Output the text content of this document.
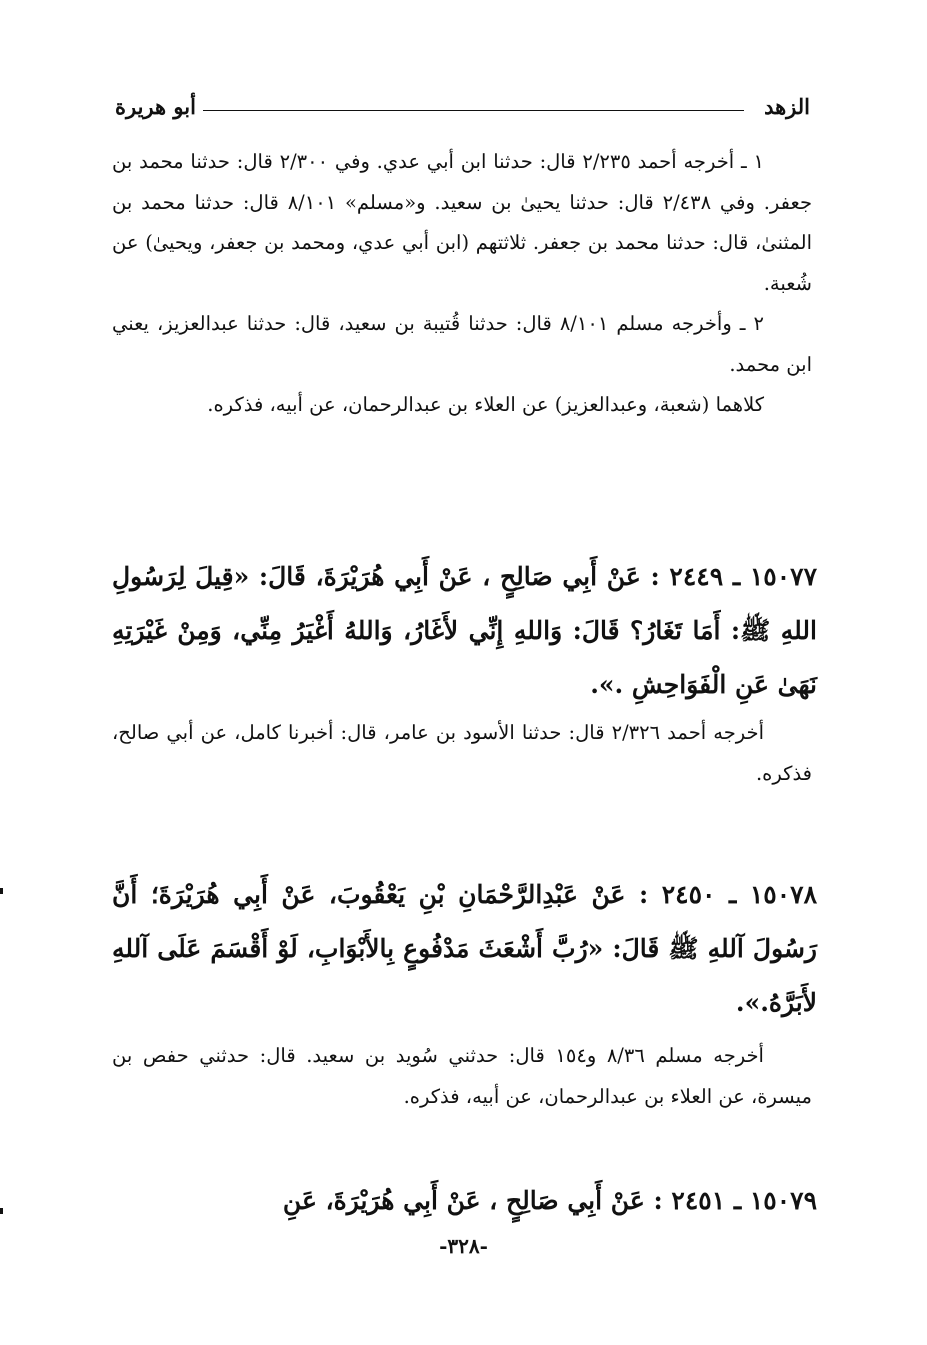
الزهد
أبو هريرة

١ ـ أخرجه أحمد ٢/٢٣٥ قال: حدثنا ابن أبي عدي. وفي ٢/٣٠٠ قال: حدثنا محمد بن جعفر. وفي ٢/٤٣٨ قال: حدثنا يحيىٰ بن سعيد. و«مسلم» ٨/١٠١ قال: حدثنا محمد بن المثنىٰ، قال: حدثنا محمد بن جعفر. ثلاثتهم (ابن أبي عدي، ومحمد بن جعفر، ويحيىٰ) عن شُعبة.

٢ ـ وأخرجه مسلم ٨/١٠١ قال: حدثنا قُتيبة بن سعيد، قال: حدثنا عبدالعزيز، يعني ابن محمد.

كلاهما (شعبة، وعبدالعزيز) عن العلاء بن عبدالرحمان، عن أبيه، فذكره.

١٥٠٧٧ ـ ٢٤٤٩ : عَنْ أَبِي صَالِحٍ ، عَنْ أَبِي هُرَيْرَةَ، قَالَ: «قِيلَ لِرَسُولِ اللهِ ﷺ: أَمَا تَغَارُ؟ قَالَ: وَاللهِ إِنِّي لأَغَارُ، وَاللهُ أَغْيَرُ مِنِّي، وَمِنْ غَيْرَتِهِ نَهَىٰ عَنِ الْفَوَاحِشِ .».

أخرجه أحمد ٢/٣٢٦ قال: حدثنا الأسود بن عامر، قال: أخبرنا كامل، عن أبي صالح، فذكره.

١٥٠٧٨ ـ ٢٤٥٠ : عَنْ عَبْدِالرَّحْمَانِ بْنِ يَعْقُوبَ، عَنْ أَبِي هُرَيْرَةَ؛ أَنَّ رَسُولَ آللهِ ﷺ قَالَ: «رُبَّ أَشْعَثَ مَدْفُوعٍ بِالأَبْوَابِ، لَوْ أَقْسَمَ عَلَى آللهِ لأَبَرَّهُ.».

أخرجه مسلم ٨/٣٦ و١٥٤ قال: حدثني سُويد بن سعيد. قال: حدثني حفص بن ميسرة، عن العلاء بن عبدالرحمان، عن أبيه، فذكره.

١٥٠٧٩ ـ ٢٤٥١ : عَنْ أَبِي صَالِحٍ ، عَنْ أَبِي هُرَيْرَةَ، عَنِ

-٣٢٨-
